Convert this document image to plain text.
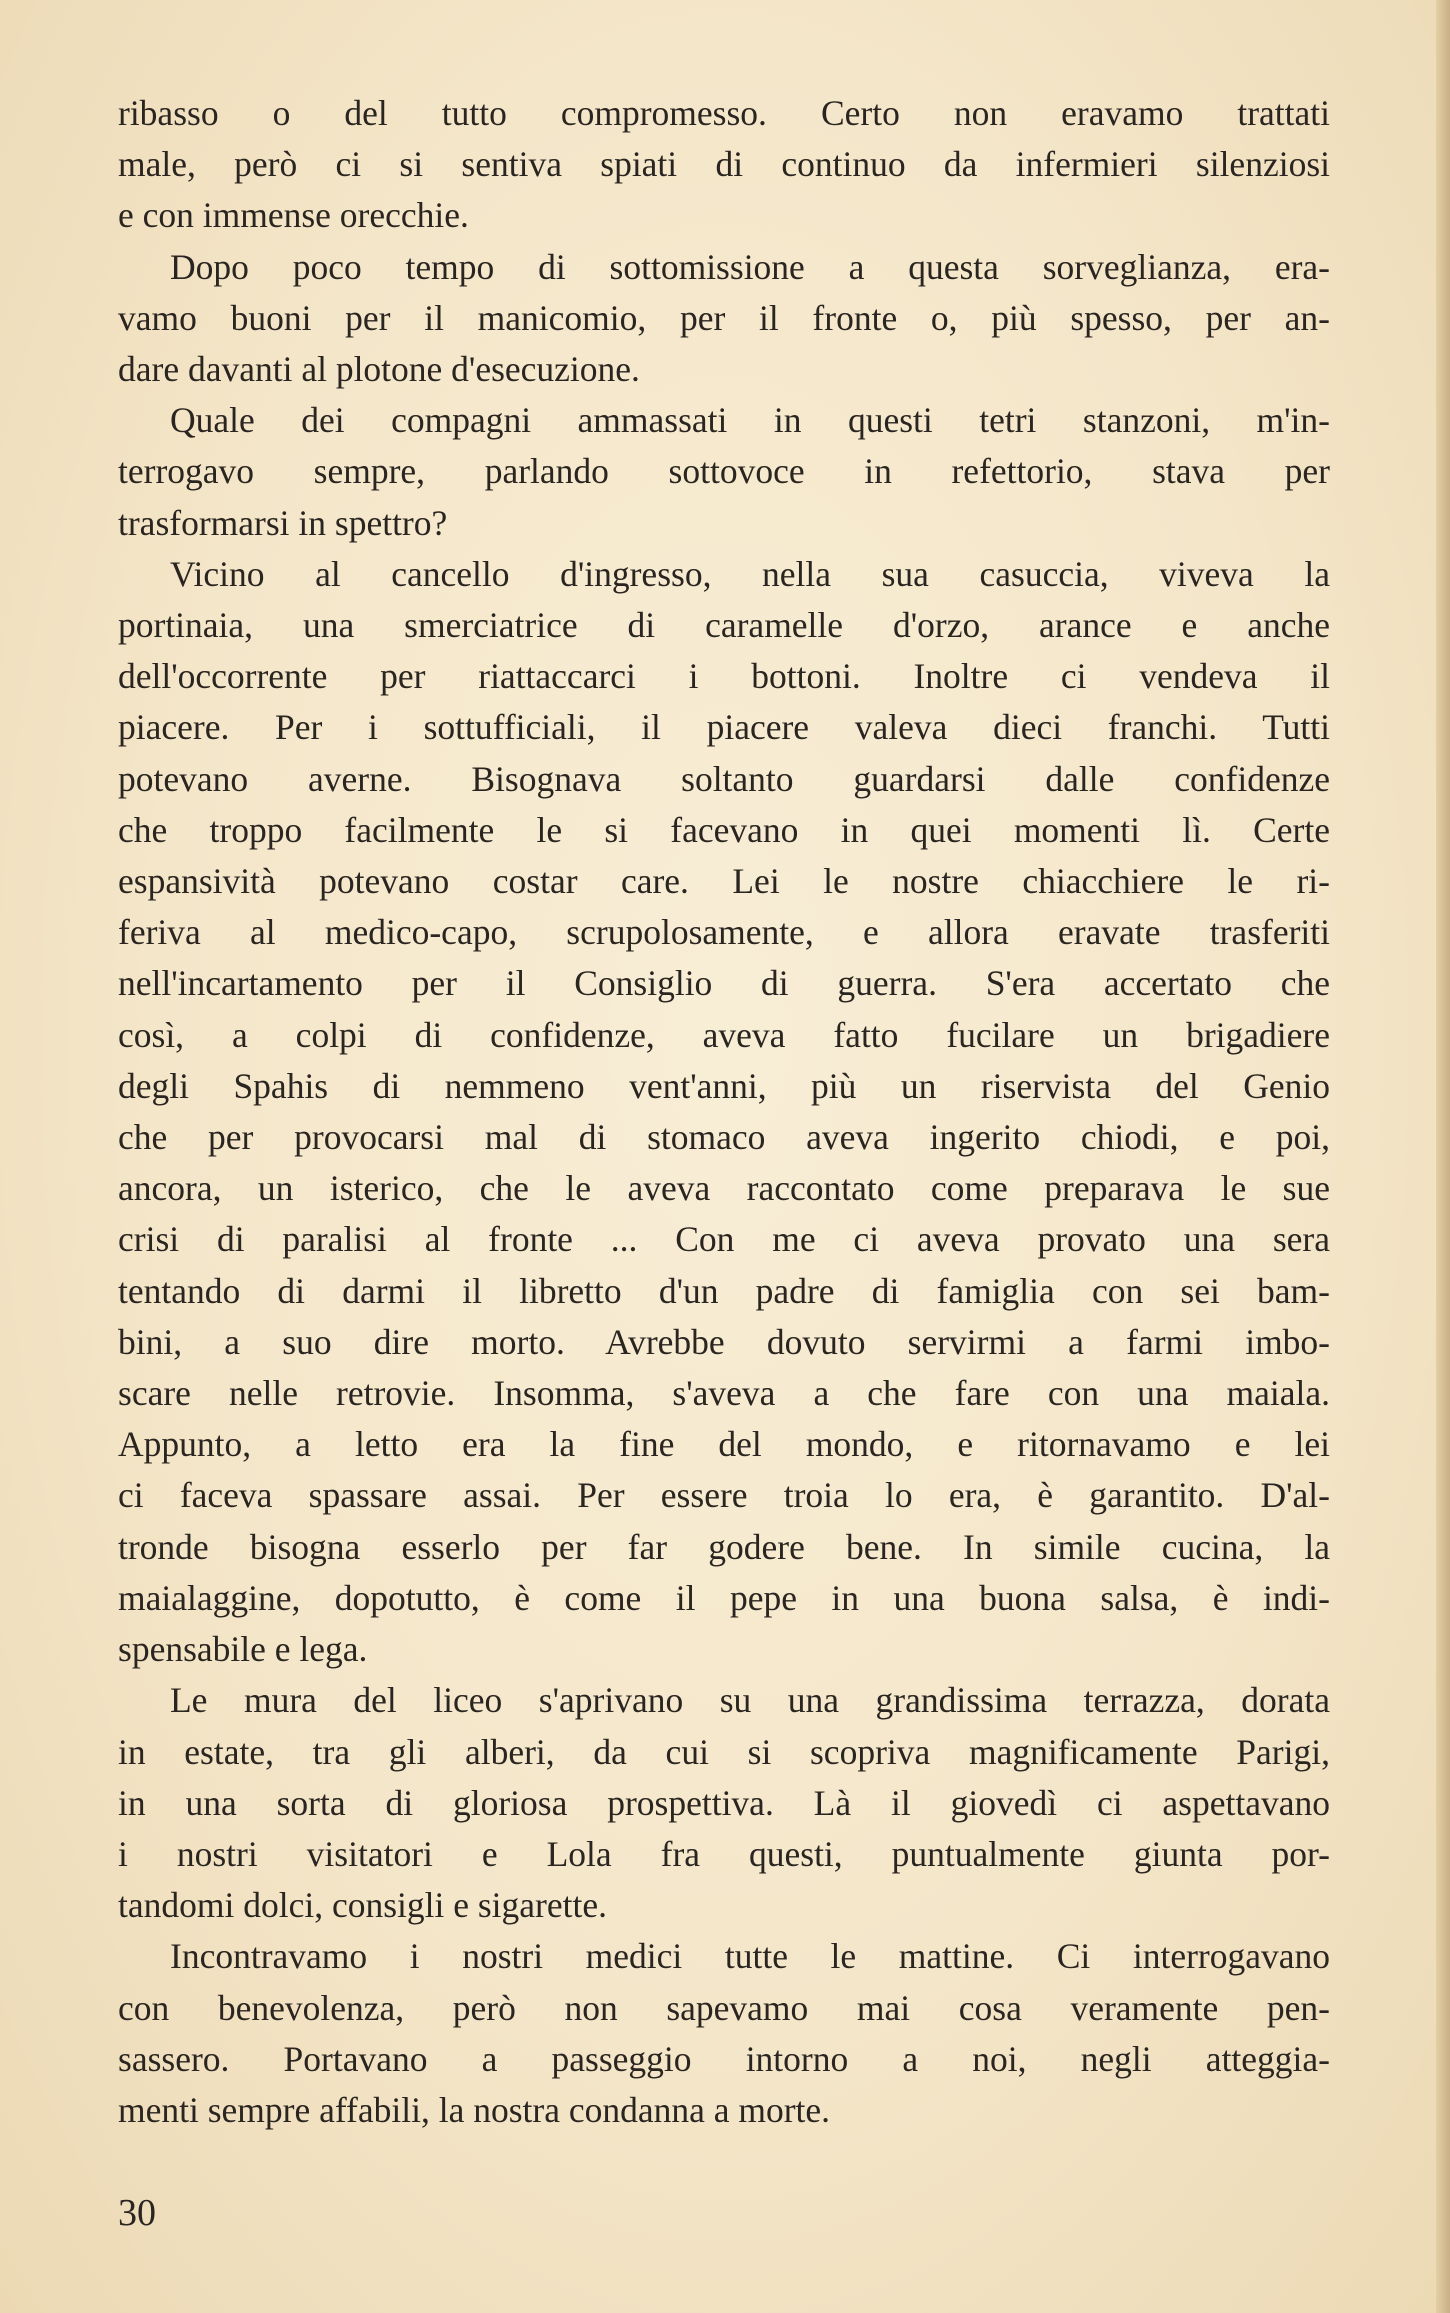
ribasso o del tutto compromesso. Certo non eravamo trattati
male, però ci si sentiva spiati di continuo da infermieri silenziosi
e con immense orecchie.
Dopo poco tempo di sottomissione a questa sorveglianza, era-
vamo buoni per il manicomio, per il fronte o, più spesso, per an-
dare davanti al plotone d'esecuzione.
Quale dei compagni ammassati in questi tetri stanzoni, m'in-
terrogavo sempre, parlando sottovoce in refettorio, stava per
trasformarsi in spettro?
Vicino al cancello d'ingresso, nella sua casuccia, viveva la
portinaia, una smerciatrice di caramelle d'orzo, arance e anche
dell'occorrente per riattaccarci i bottoni. Inoltre ci vendeva il
piacere. Per i sottufficiali, il piacere valeva dieci franchi. Tutti
potevano averne. Bisognava soltanto guardarsi dalle confidenze
che troppo facilmente le si facevano in quei momenti lì. Certe
espansività potevano costar care. Lei le nostre chiacchiere le ri-
feriva al medico-capo, scrupolosamente, e allora eravate trasferiti
nell'incartamento per il Consiglio di guerra. S'era accertato che
così, a colpi di confidenze, aveva fatto fucilare un brigadiere
degli Spahis di nemmeno vent'anni, più un riservista del Genio
che per provocarsi mal di stomaco aveva ingerito chiodi, e poi,
ancora, un isterico, che le aveva raccontato come preparava le sue
crisi di paralisi al fronte ... Con me ci aveva provato una sera
tentando di darmi il libretto d'un padre di famiglia con sei bam-
bini, a suo dire morto. Avrebbe dovuto servirmi a farmi imbo-
scare nelle retrovie. Insomma, s'aveva a che fare con una maiala.
Appunto, a letto era la fine del mondo, e ritornavamo e lei
ci faceva spassare assai. Per essere troia lo era, è garantito. D'al-
tronde bisogna esserlo per far godere bene. In simile cucina, la
maialaggine, dopotutto, è come il pepe in una buona salsa, è indi-
spensabile e lega.
Le mura del liceo s'aprivano su una grandissima terrazza, dorata
in estate, tra gli alberi, da cui si scopriva magnificamente Parigi,
in una sorta di gloriosa prospettiva. Là il giovedì ci aspettavano
i nostri visitatori e Lola fra questi, puntualmente giunta por-
tandomi dolci, consigli e sigarette.
Incontravamo i nostri medici tutte le mattine. Ci interrogavano
con benevolenza, però non sapevamo mai cosa veramente pen-
sassero. Portavano a passeggio intorno a noi, negli atteggia-
menti sempre affabili, la nostra condanna a morte.
30
